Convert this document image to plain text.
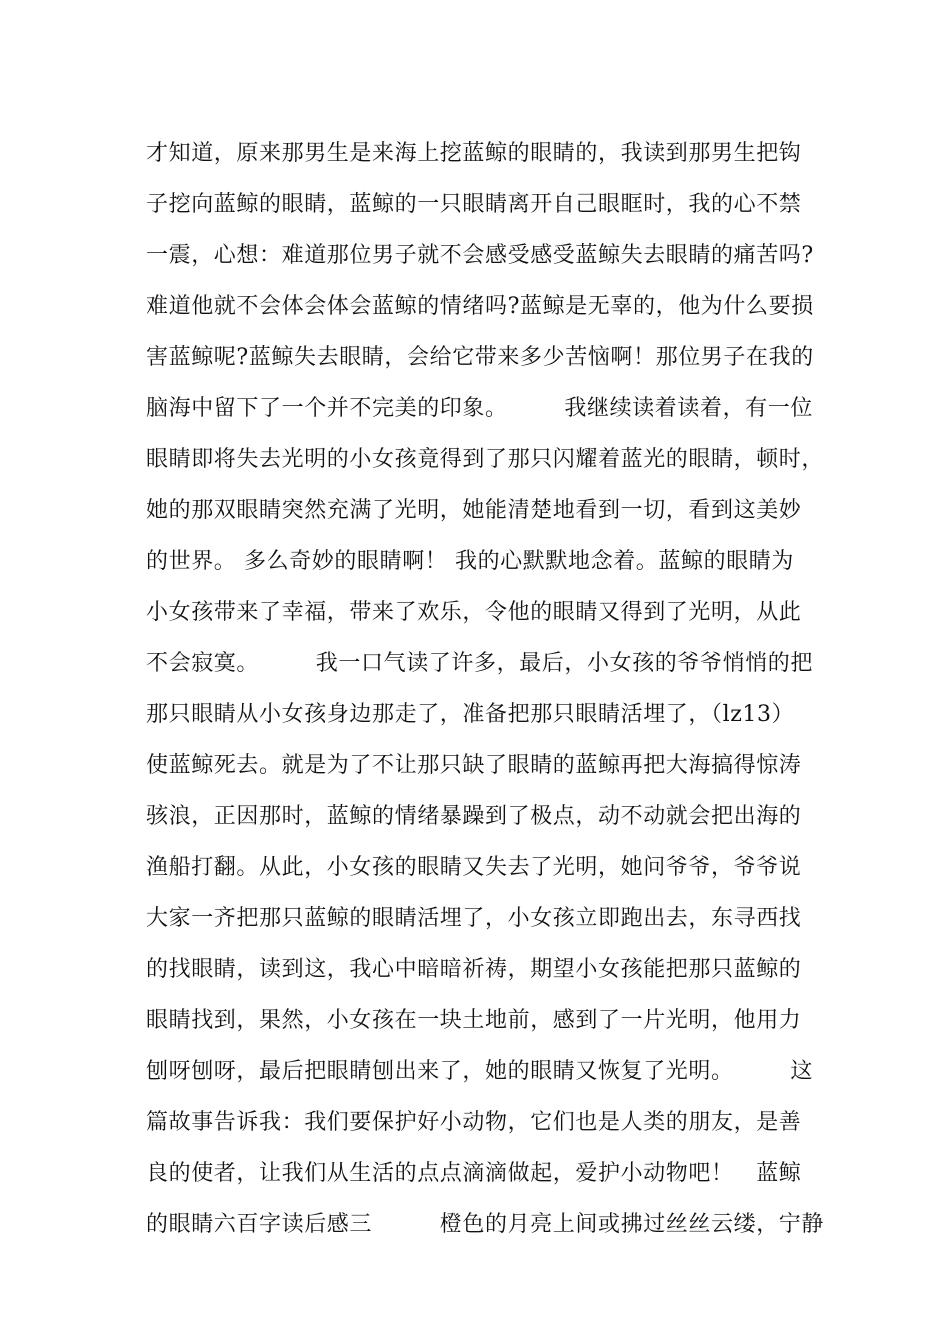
才知道，原来那男生是来海上挖蓝鲸的眼睛的，我读到那男生把钩
子挖向蓝鲸的眼睛，蓝鲸的一只眼睛离开自己眼眶时，我的心不禁
一震，心想：难道那位男子就不会感受感受蓝鲸失去眼睛的痛苦吗?
难道他就不会体会体会蓝鲸的情绪吗?蓝鲸是无辜的，他为什么要损
害蓝鲸呢?蓝鲸失去眼睛，会给它带来多少苦恼啊！那位男子在我的
脑海中留下了一个并不完美的印象。　　　我继续读着读着，有一位
眼睛即将失去光明的小女孩竟得到了那只闪耀着蓝光的眼睛，顿时，
她的那双眼睛突然充满了光明，她能清楚地看到一切，看到这美妙
的世界。 多么奇妙的眼睛啊！ 我的心默默地念着。蓝鲸的眼睛为
小女孩带来了幸福，带来了欢乐，令他的眼睛又得到了光明，从此
不会寂寞。　　　我一口气读了许多，最后，小女孩的爷爷悄悄的把
那只眼睛从小女孩身边那走了，准备把那只眼睛活埋了，（lz13）
使蓝鲸死去。就是为了不让那只缺了眼睛的蓝鲸再把大海搞得惊涛
骇浪，正因那时，蓝鲸的情绪暴躁到了极点，动不动就会把出海的
渔船打翻。从此，小女孩的眼睛又失去了光明，她问爷爷，爷爷说
大家一齐把那只蓝鲸的眼睛活埋了，小女孩立即跑出去，东寻西找
的找眼睛，读到这，我心中暗暗祈祷，期望小女孩能把那只蓝鲸的
眼睛找到，果然，小女孩在一块土地前，感到了一片光明，他用力
刨呀刨呀，最后把眼睛刨出来了，她的眼睛又恢复了光明。　　　这
篇故事告诉我：我们要保护好小动物，它们也是人类的朋友，是善
良的使者，让我们从生活的点点滴滴做起，爱护小动物吧！　蓝鲸
的眼睛六百字读后感三　　　橙色的月亮上间或拂过丝丝云缕，宁静
